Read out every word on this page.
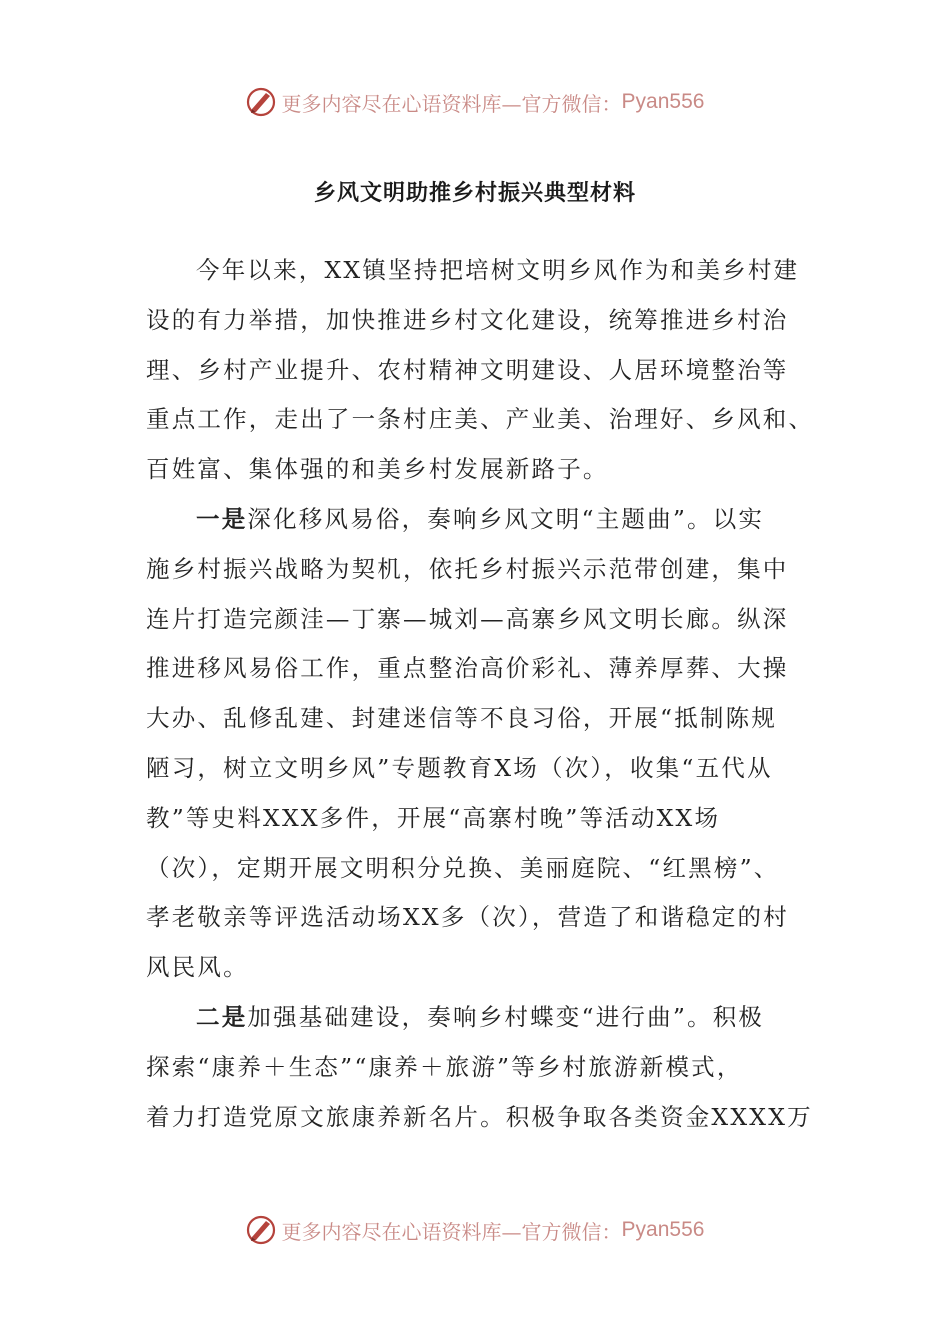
更多内容尽在心语资料库—官方微信： Pyan556
乡风文明助推乡村振兴典型材料
今年以来，XX镇坚持把培树文明乡风作为和美乡村建
设的有力举措，加快推进乡村文化建设，统筹推进乡村治
理、乡村产业提升、农村精神文明建设、人居环境整治等
重点工作，走出了一条村庄美、产业美、治理好、乡风和、
百姓富、集体强的和美乡村发展新路子。
一是深化移风易俗，奏响乡风文明“主题曲”。以实
施乡村振兴战略为契机，依托乡村振兴示范带创建，集中
连片打造完颜洼—丁寨—城刘—高寨乡风文明长廊。纵深
推进移风易俗工作，重点整治高价彩礼、薄养厚葬、大操
大办、乱修乱建、封建迷信等不良习俗，开展“抵制陈规
陋习，树立文明乡风”专题教育X场（次），收集“五代从
教”等史料XXX多件，开展“高寨村晚”等活动XX场
（次），定期开展文明积分兑换、美丽庭院、“红黑榜”、
孝老敬亲等评选活动场XX多（次），营造了和谐稳定的村
风民风。
二是加强基础建设，奏响乡村蝶变“进行曲”。积极
探索“康养＋生态”“康养＋旅游”等乡村旅游新模式，
着力打造党原文旅康养新名片。积极争取各类资金XXXX万
更多内容尽在心语资料库—官方微信： Pyan556
